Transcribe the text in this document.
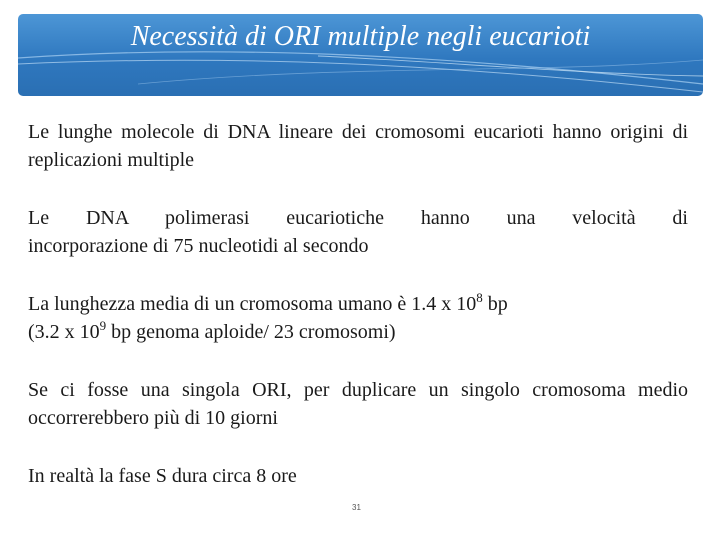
Necessità di ORI multiple negli eucarioti

Le lunghe molecole di DNA lineare dei cromosomi eucarioti hanno origini di replicazioni multiple

Le DNA polimerasi eucariotiche hanno una velocità di
incorporazione di 75 nucleotidi al secondo

La lunghezza media di un cromosoma umano è 1.4 x $10^8$ bp
(3.2 x $10^9$ bp genoma aploide/ 23 cromosomi)

Se ci fosse una singola ORI, per duplicare un singolo cromosoma medio occorrerebbero più di 10 giorni

In realtà la fase S dura circa 8 ore

31
